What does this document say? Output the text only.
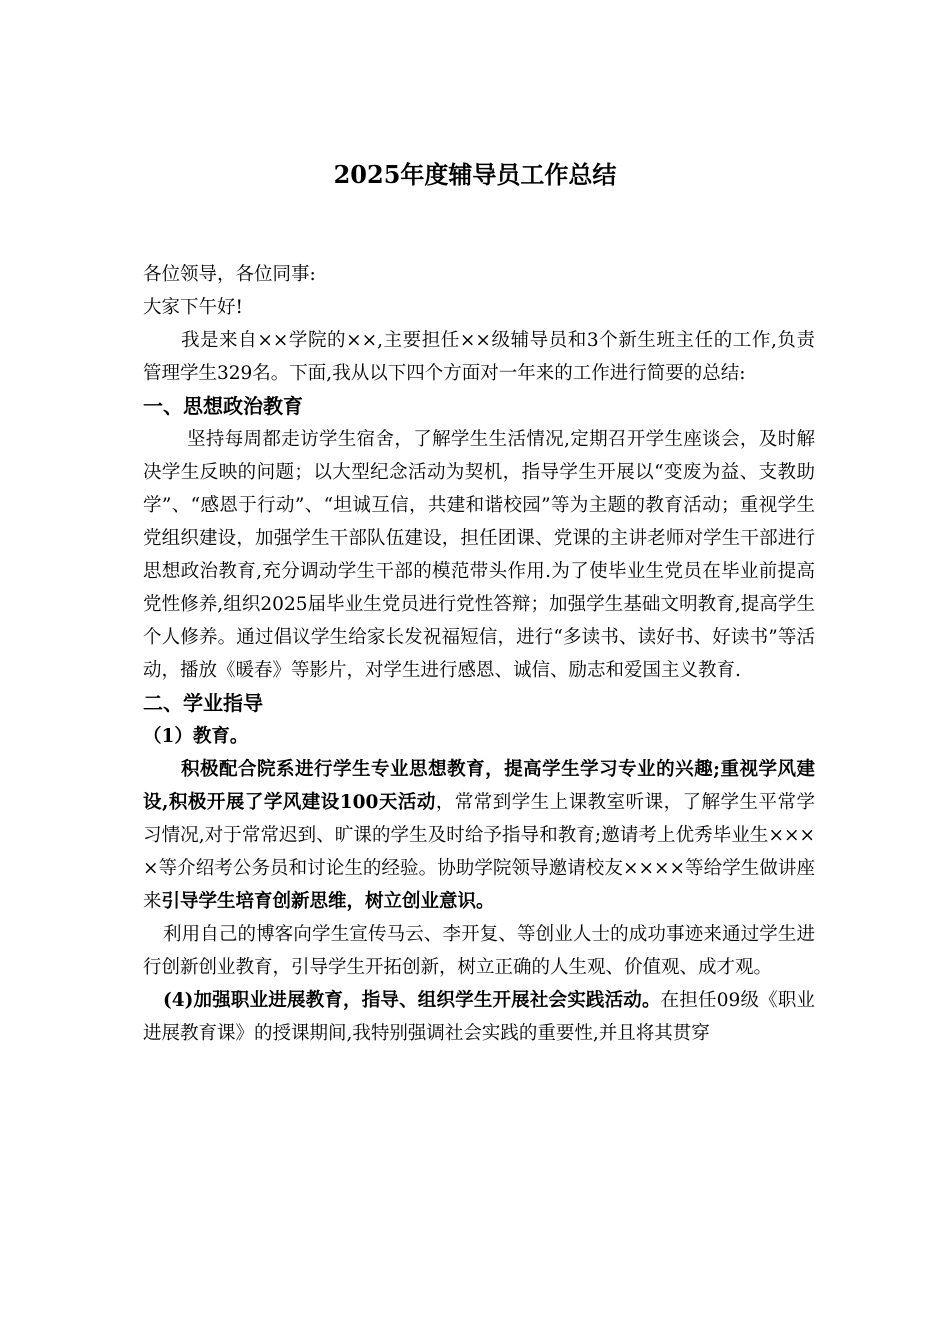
2025年度辅导员工作总结

各位领导，各位同事:

大家下午好!

我是来自××学院的××,主要担任××级辅导员和3个新生班主任的工作,负责管理学生329名。下面,我从以下四个方面对一年来的工作进行简要的总结:

一、思想政治教育

坚持每周都走访学生宿舍，了解学生生活情况,定期召开学生座谈会，及时解决学生反映的问题；以大型纪念活动为契机，指导学生开展以“变废为益、支教助学”、“感恩于行动”、“坦诚互信，共建和谐校园”等为主题的教育活动；重视学生党组织建设，加强学生干部队伍建设，担任团课、党课的主讲老师对学生干部进行思想政治教育,充分调动学生干部的模范带头作用.为了使毕业生党员在毕业前提高党性修养,组织2025届毕业生党员进行党性答辩；加强学生基础文明教育,提高学生个人修养。通过倡议学生给家长发祝福短信，进行“多读书、读好书、好读书”等活动，播放《暖春》等影片，对学生进行感恩、诚信、励志和爱国主义教育.

二、学业指导

（1）教育。

积极配合院系进行学生专业思想教育，提高学生学习专业的兴趣;重视学风建设,积极开展了学风建设100天活动，常常到学生上课教室听课，了解学生平常学习情况,对于常常迟到、旷课的学生及时给予指导和教育;邀请考上优秀毕业生××××等介绍考公务员和讨论生的经验。协助学院领导邀请校友××××等给学生做讲座来引导学生培育创新思维，树立创业意识。

利用自己的博客向学生宣传马云、李开复、等创业人士的成功事迹来通过学生进行创新创业教育，引导学生开拓创新，树立正确的人生观、价值观、成才观。

(4)加强职业进展教育，指导、组织学生开展社会实践活动。在担任09级《职业进展教育课》的授课期间,我特别强调社会实践的重要性,并且将其贯穿
